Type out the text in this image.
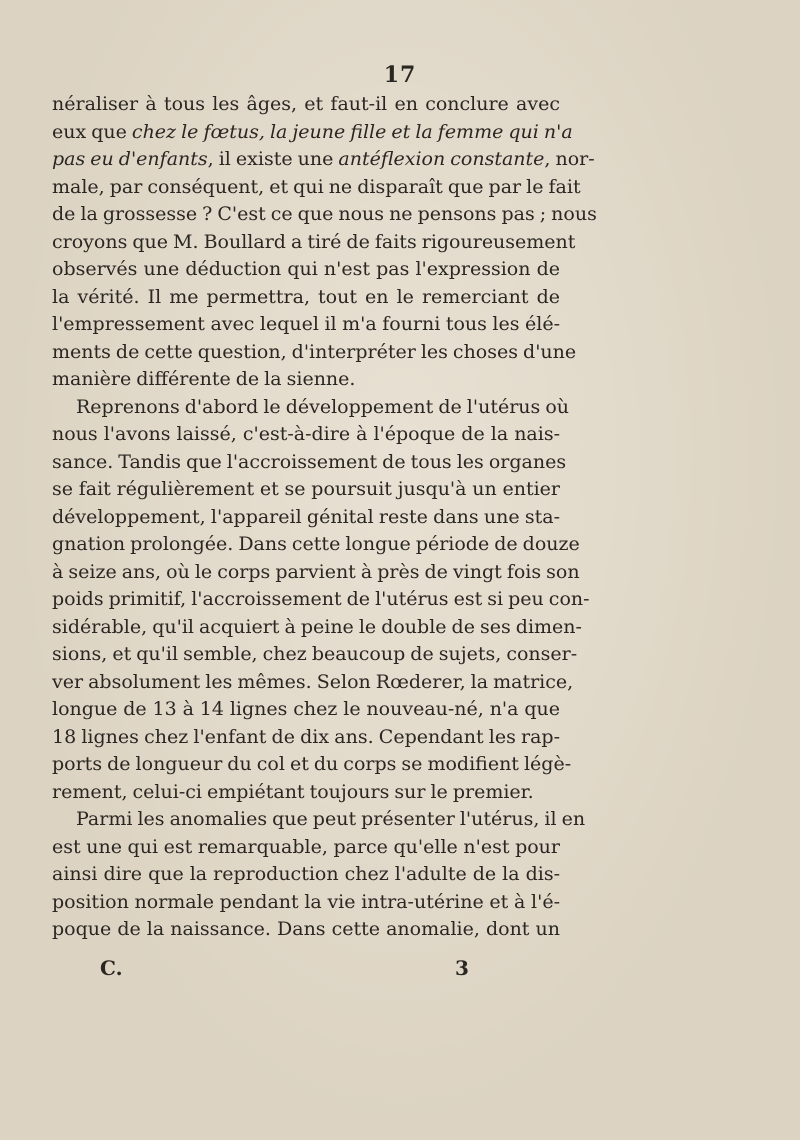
17
néraliser à tous les âges, et faut-il en conclure avec
eux que chez le fœtus, la jeune fille et la femme qui n'a
pas eu d'enfants, il existe une antéflexion constante, nor-
male, par conséquent, et qui ne disparaît que par le fait
de la grossesse ? C'est ce que nous ne pensons pas ; nous
croyons que M. Boullard a tiré de faits rigoureusement
observés une déduction qui n'est pas l'expression de
la vérité. Il me permettra, tout en le remerciant de
l'empressement avec lequel il m'a fourni tous les élé-
ments de cette question, d'interpréter les choses d'une
manière différente de la sienne.
Reprenons d'abord le développement de l'utérus où
nous l'avons laissé, c'est-à-dire à l'époque de la nais-
sance. Tandis que l'accroissement de tous les organes
se fait régulièrement et se poursuit jusqu'à un entier
développement, l'appareil génital reste dans une sta-
gnation prolongée. Dans cette longue période de douze
à seize ans, où le corps parvient à près de vingt fois son
poids primitif, l'accroissement de l'utérus est si peu con-
sidérable, qu'il acquiert à peine le double de ses dimen-
sions, et qu'il semble, chez beaucoup de sujets, conser-
ver absolument les mêmes. Selon Rœderer, la matrice,
longue de 13 à 14 lignes chez le nouveau-né, n'a que
18 lignes chez l'enfant de dix ans. Cependant les rap-
ports de longueur du col et du corps se modifient légè-
rement, celui-ci empiétant toujours sur le premier.
Parmi les anomalies que peut présenter l'utérus, il en
est une qui est remarquable, parce qu'elle n'est pour
ainsi dire que la reproduction chez l'adulte de la dis-
position normale pendant la vie intra-utérine et à l'é-
poque de la naissance. Dans cette anomalie, dont un
C.	3
